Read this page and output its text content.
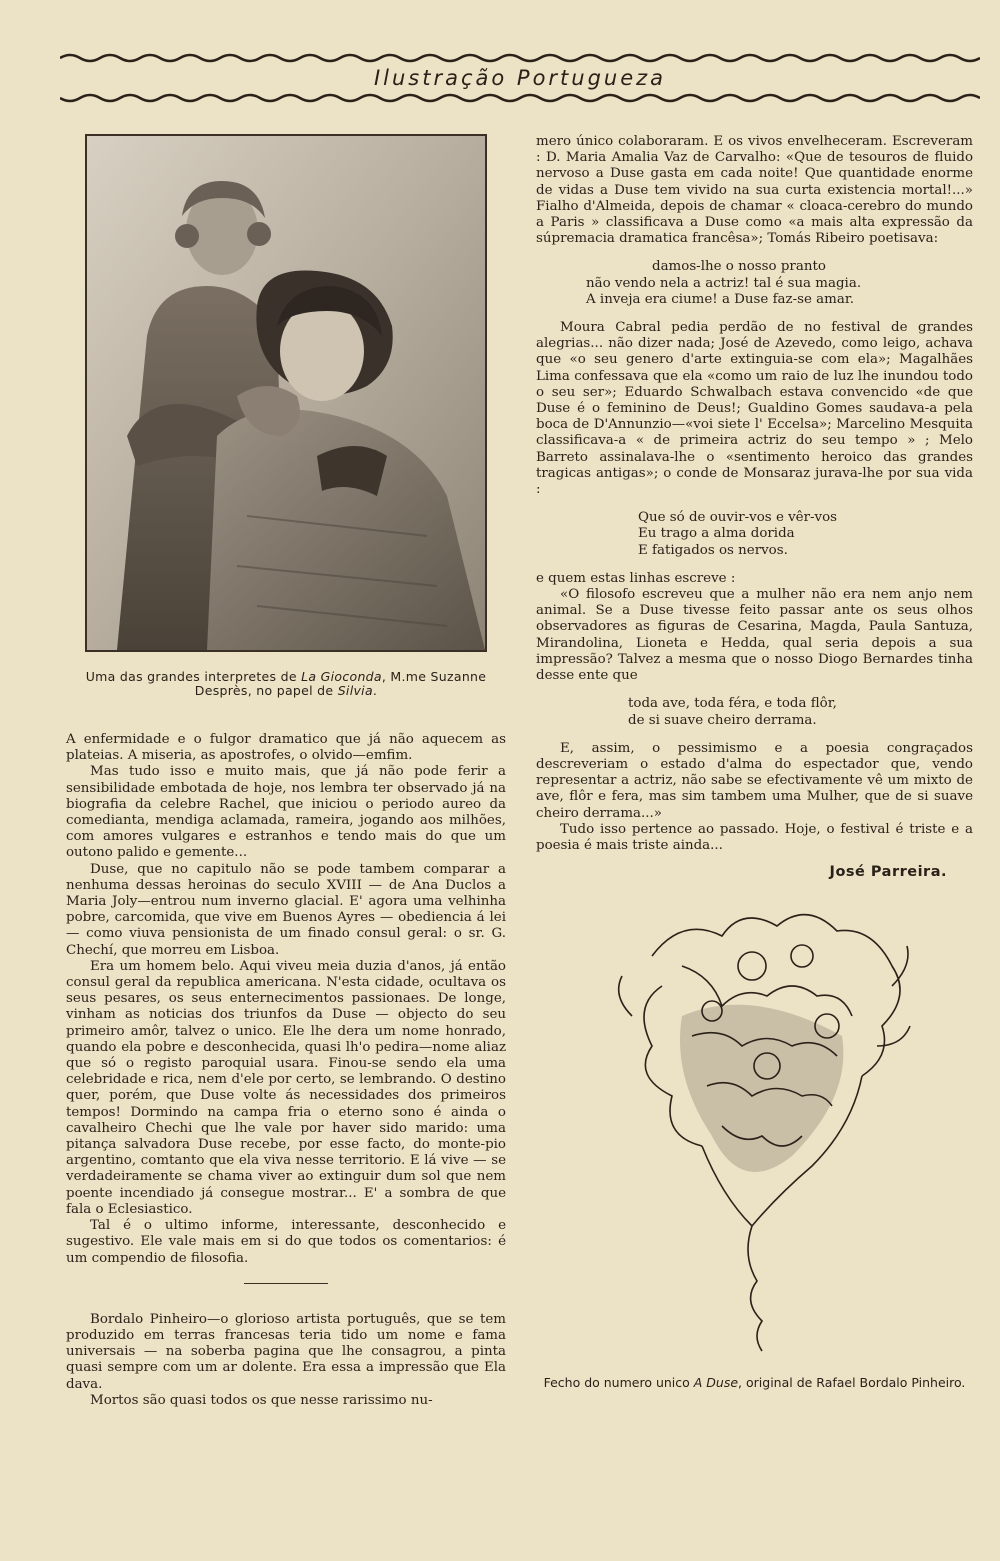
Ilustração Portugueza
Uma das grandes interpretes de La Gioconda, M.me Suzanne Desprès, no papel de Silvia.

A enfermidade e o fulgor dramatico que já não aquecem as plateias. A miseria, as apostrofes, o olvido—emfim.

Mas tudo isso e muito mais, que já não pode ferir a sensibilidade embotada de hoje, nos lembra ter observado já na biografia da celebre Rachel, que iniciou o periodo aureo da comedianta, mendiga aclamada, rameira, jogando aos milhões, com amores vulgares e estranhos e tendo mais do que um outono palido e gemente...

Duse, que no capitulo não se pode tambem comparar a nenhuma dessas heroinas do seculo XVIII — de Ana Duclos a Maria Joly—entrou num inverno glacial. E' agora uma velhinha pobre, carcomida, que vive em Buenos Ayres — obediencia á lei — como viuva pensionista de um finado consul geral: o sr. G. Chechí, que morreu em Lisboa.

Era um homem belo. Aqui viveu meia duzia d'anos, já então consul geral da republica americana. N'esta cidade, ocultava os seus pesares, os seus enternecimentos passionaes. De longe, vinham as noticias dos triunfos da Duse — objecto do seu primeiro amôr, talvez o unico. Ele lhe dera um nome honrado, quando ela pobre e desconhecida, quasi lh'o pedira—nome aliaz que só o registo paroquial usara. Finou-se sendo ela uma celebridade e rica, nem d'ele por certo, se lembrando. O destino quer, porém, que Duse volte ás necessidades dos primeiros tempos! Dormindo na campa fria o eterno sono é ainda o cavalheiro Chechi que lhe vale por haver sido marido: uma pitança salvadora Duse recebe, por esse facto, do monte-pio argentino, comtanto que ela viva nesse territorio. E lá vive — se verdadeiramente se chama viver ao extinguir dum sol que nem poente incendiado já consegue mostrar... E' a sombra de que fala o Eclesiastico.

Tal é o ultimo informe, interessante, desconhecido e sugestivo. Ele vale mais em si do que todos os comentarios: é um compendio de filosofia.

Bordalo Pinheiro—o glorioso artista português, que se tem produzido em terras francesas teria tido um nome e fama universais — na soberba pagina que lhe consagrou, a pinta quasi sempre com um ar dolente. Era essa a impressão que Ela dava.

Mortos são quasi todos os que nesse rarissimo nu-

mero único colaboraram. E os vivos envelheceram. Escreveram : D. Maria Amalia Vaz de Carvalho: «Que de tesouros de fluido nervoso a Duse gasta em cada noite! Que quantidade enorme de vidas a Duse tem vivido na sua curta existencia mortal!...» Fialho d'Almeida, depois de chamar « cloaca-cerebro do mundo a Paris » classificava a Duse como «a mais alta expressão da súpremacia dramatica francêsa»; Tomás Ribeiro poetisava:

damos-lhe o nosso pranto
não vendo nela a actriz! tal é sua magia.
A inveja era ciume! a Duse faz-se amar.

Moura Cabral pedia perdão de no festival de grandes alegrias... não dizer nada; José de Azevedo, como leigo, achava que «o seu genero d'arte extinguia-se com ela»; Magalhães Lima confessava que ela «como um raio de luz lhe inundou todo o seu ser»; Eduardo Schwalbach estava convencido «de que Duse é o feminino de Deus!; Gualdino Gomes saudava-a pela boca de D'Annunzio—«voi siete l' Eccelsa»; Marcelino Mesquita classificava-a « de primeira actriz do seu tempo » ; Melo Barreto assinalava-lhe o «sentimento heroico das grandes tragicas antigas»; o conde de Monsaraz jurava-lhe por sua vida :

Que só de ouvir-vos e vêr-vos
Eu trago a alma dorida
E fatigados os nervos.

e quem estas linhas escreve :

«O filosofo escreveu que a mulher não era nem anjo nem animal. Se a Duse tivesse feito passar ante os seus olhos observadores as figuras de Cesarina, Magda, Paula Santuza, Mirandolina, Lioneta e Hedda, qual seria depois a sua impressão? Talvez a mesma que o nosso Diogo Bernardes tinha desse ente que

toda ave, toda féra, e toda flôr,
de si suave cheiro derrama.

E, assim, o pessimismo e a poesia congraçados descreveriam o estado d'alma do espectador que, vendo representar a actriz, não sabe se efectivamente vê um mixto de ave, flôr e fera, mas sim tambem uma Mulher, que de si suave cheiro derrama...»

Tudo isso pertence ao passado. Hoje, o festival é triste e a poesia é mais triste ainda...

José Parreira.
Fecho do numero unico A Duse, original de Rafael Bordalo Pinheiro.
